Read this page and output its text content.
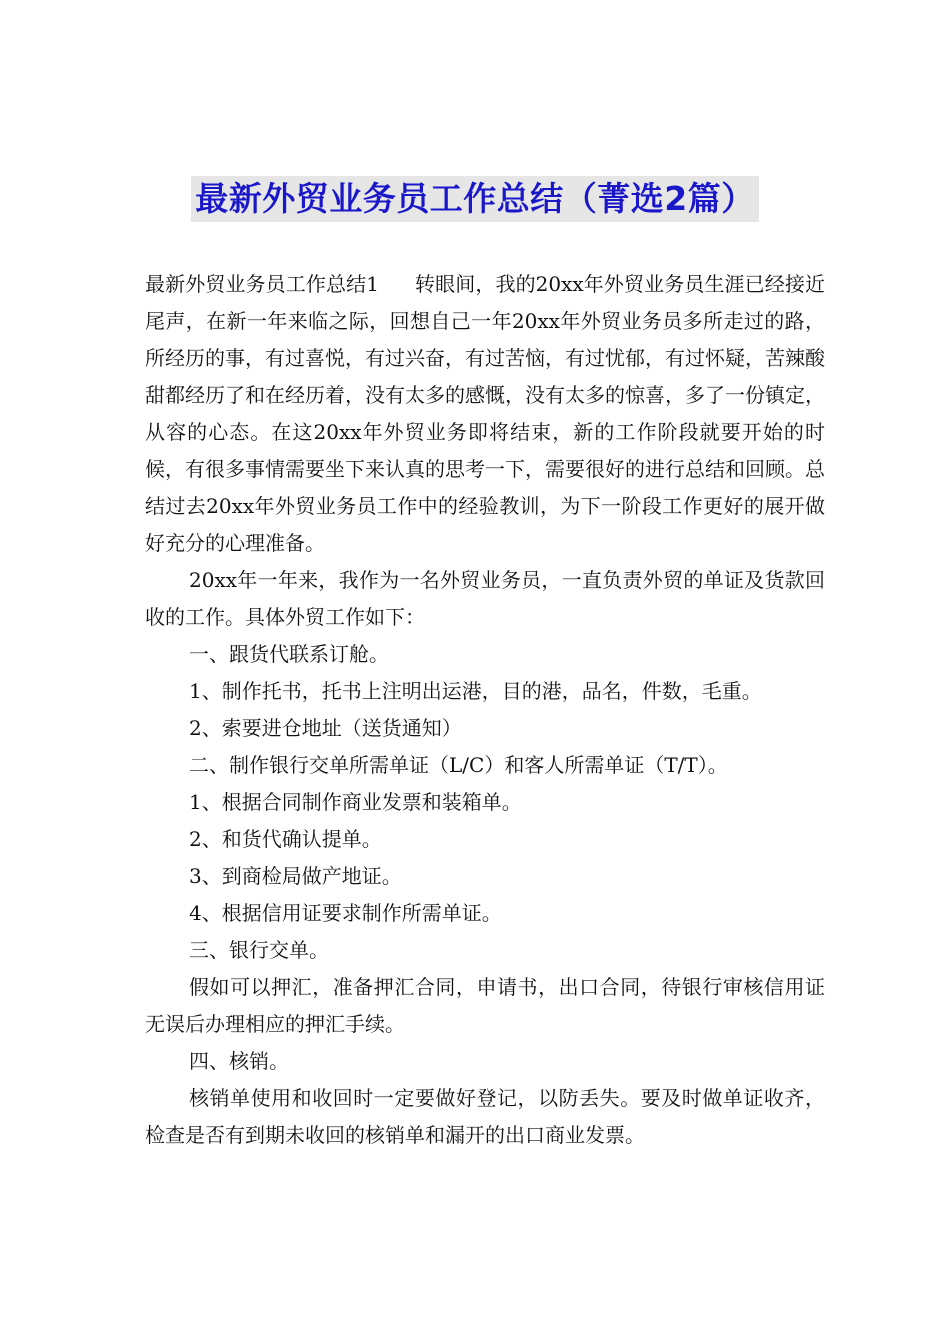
最新外贸业务员工作总结（菁选2篇）

最新外贸业务员工作总结1 转眼间，我的20xx年外贸业务员生涯已经接近尾声，在新一年来临之际，回想自己一年20xx年外贸业务员多所走过的路，所经历的事，有过喜悦，有过兴奋，有过苦恼，有过忧郁，有过怀疑，苦辣酸甜都经历了和在经历着，没有太多的感慨，没有太多的惊喜，多了一份镇定，从容的心态。在这20xx年外贸业务即将结束，新的工作阶段就要开始的时候，有很多事情需要坐下来认真的思考一下，需要很好的进行总结和回顾。总结过去20xx年外贸业务员工作中的经验教训，为下一阶段工作更好的展开做好充分的心理准备。

20xx年一年来，我作为一名外贸业务员，一直负责外贸的单证及货款回收的工作。具体外贸工作如下：

一、跟货代联系订舱。

1、制作托书，托书上注明出运港，目的港，品名，件数，毛重。

2、索要进仓地址（送货通知）

二、制作银行交单所需单证（L/C）和客人所需单证（T/T）。

1、根据合同制作商业发票和装箱单。

2、和货代确认提单。

3、到商检局做产地证。

4、根据信用证要求制作所需单证。

三、银行交单。

假如可以押汇，准备押汇合同，申请书，出口合同，待银行审核信用证无误后办理相应的押汇手续。

四、核销。

核销单使用和收回时一定要做好登记，以防丢失。要及时做单证收齐，检查是否有到期未收回的核销单和漏开的出口商业发票。
